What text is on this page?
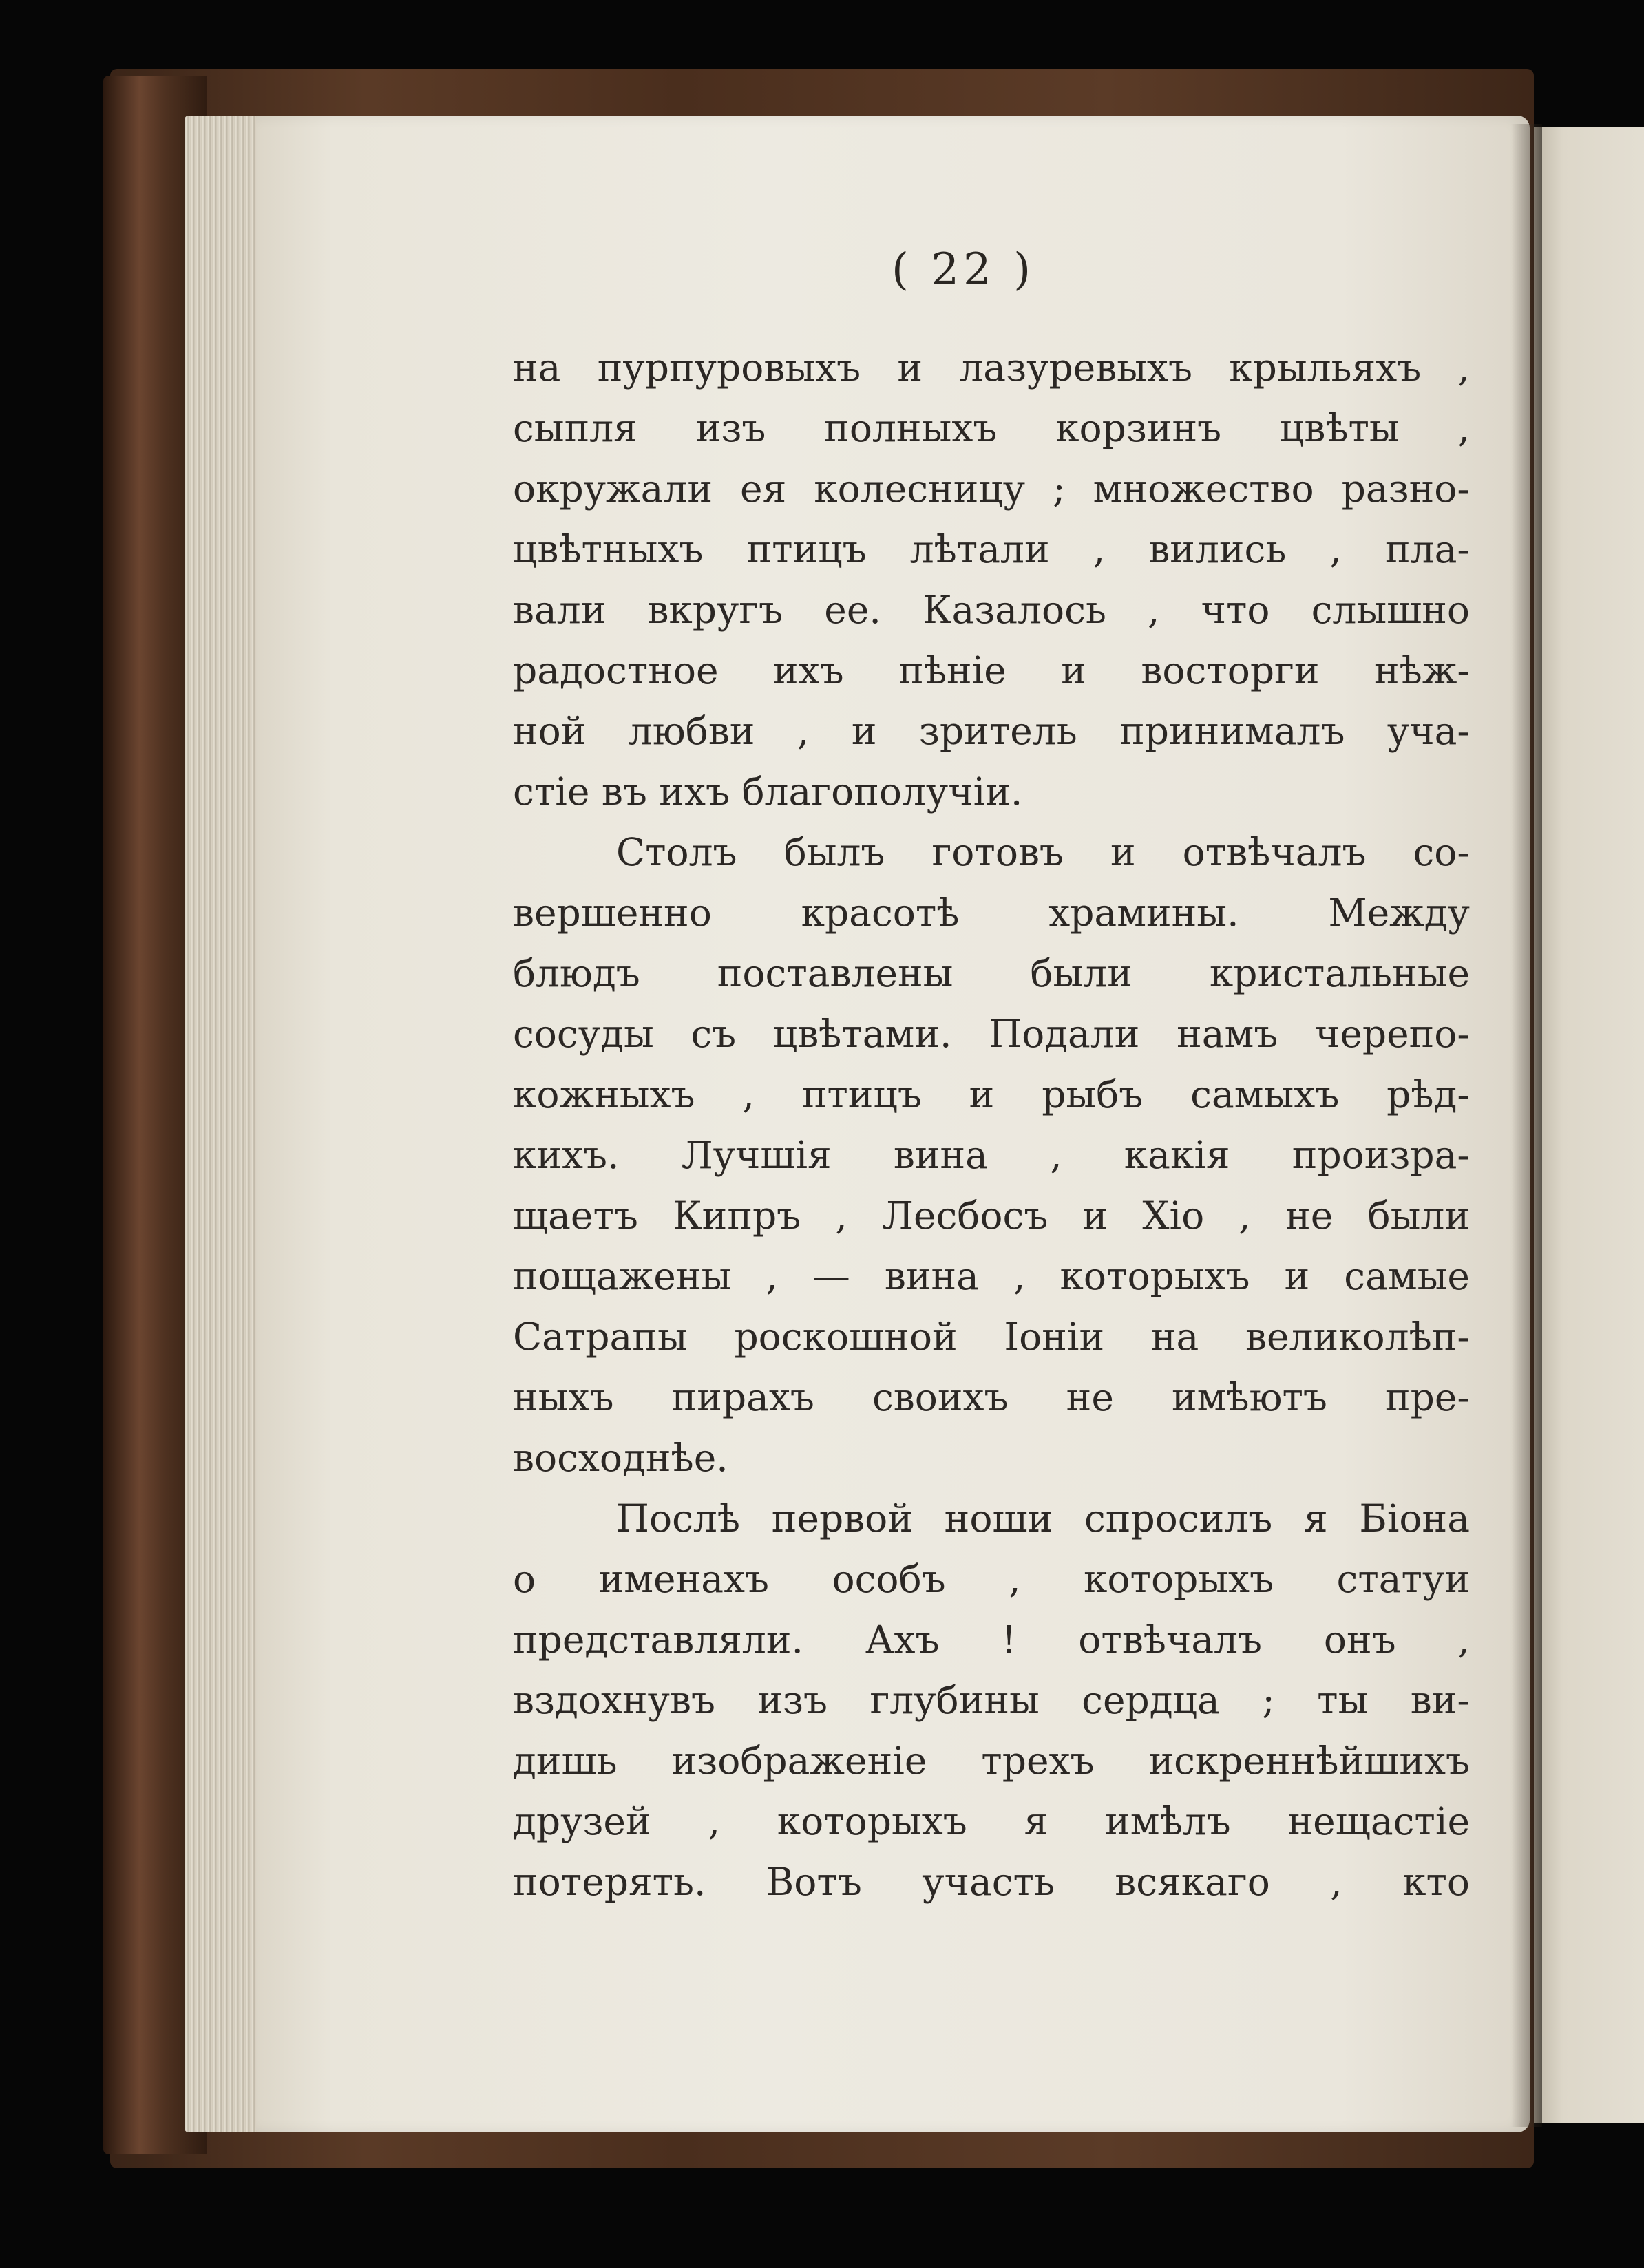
( 22 )
на пурпуровыхъ и лазуревыхъ крыльяхъ ,
сыпля изъ полныхъ корзинъ цвѣты ,
окружали ея колесницу ; множество разно-
цвѣтныхъ птицъ лѣтали , вились , пла-
вали вкругъ ее. Казалось , что слышно
радостное ихъ пѣніе и восторги нѣж-
ной любви , и зритель принималъ уча-
стіе въ ихъ благополучіи.
Столъ былъ готовъ и отвѣчалъ со-
вершенно красотѣ храмины. Между
блюдъ поставлены были кристальные
сосуды съ цвѣтами. Подали намъ черепо-
кожныхъ , птицъ и рыбъ самыхъ рѣд-
кихъ. Лучшія вина , какія произра-
щаетъ Кипръ , Лесбосъ и Хіо , не были
пощажены , — вина , которыхъ и самые
Сатрапы роскошной Іоніи на великолѣп-
ныхъ пирахъ своихъ не имѣютъ пре-
восходнѣе.
Послѣ первой ноши спросилъ я Біона
о именахъ особъ , которыхъ статуи
представляли. Ахъ ! отвѣчалъ онъ ,
вздохнувъ изъ глубины сердца ; ты ви-
дишь изображеніе трехъ искреннѣйшихъ
друзей , которыхъ я имѣлъ нещастіе
потерять. Вотъ участь всякаго , кто
